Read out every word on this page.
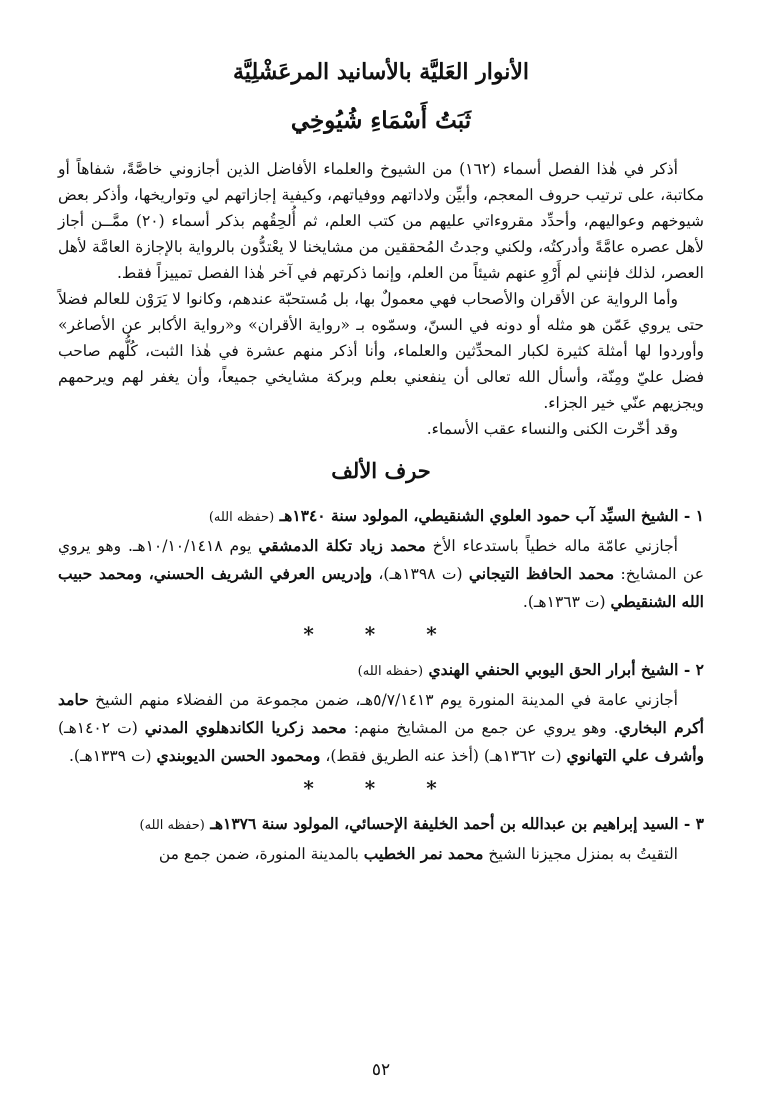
الأنوار العَليَّة بالأسانيد المرعَشْلِيَّة
ثَبَتُ أَسْمَاءِ شُيُوخِي

أذكر في هٰذا الفصل أسماء (١٦٢) من الشيوخ والعلماء الأفاضل الذين أجازوني خاصَّةً، شفاهاً أو مكاتبة، على ترتيب حروف المعجم، وأبيِّن ولاداتهم ووفياتهم، وكيفية إجازاتهم لي وتواريخها، وأذكر بعض شيوخهم وعواليهم، وأحدِّد مقروءاتي عليهم من كتب العلم، ثم أُلحِقُهم بذكر أسماء (٢٠) ممَّــن أجاز لأهل عصره عامَّةً وأدركتُه، ولكني وجدتُ المُحققين من مشايخنا لا يعْتدُّون بالرواية بالإجازة العامَّة لأهل العصر، لذلك فإنني لم أَرْوِ عنهم شيئاً من العلم، وإنما ذكرتهم في آخر هٰذا الفصل تمييزاً فقط.

وأما الرواية عن الأقران والأصحاب فهي معمولٌ بها، بل مُستحبّة عندهم، وكانوا لا يَرَوْن للعالم فضلاً حتى يروي عَمّن هو مثله أو دونه في السنّ، وسمّوه بـ «رواية الأقران» و«رواية الأكابر عن الأصاغر» وأوردوا لها أمثلة كثيرة لكبار المحدِّثين والعلماء، وأنا أذكر منهم عشرة في هٰذا الثبت، كُلُّهم صاحب فضل عليّ ومِنّة، وأسأل الله تعالى أن ينفعني بعلم وبركة مشايخي جميعاً، وأن يغفر لهم ويرحمهم ويجزيهم عنّي خير الجزاء.

وقد أخّرت الكنى والنساء عقب الأسماء.

حرف الألف
١ - الشيخ السيِّد آب حمود العلوي الشنقيطي، المولود سنة ١٣٤٠هـ (حفظه الله)

أجازني عامّة ماله خطياً باستدعاء الأخ محمد زياد تكلة الدمشقي يوم ١٠/١٠/١٤١٨هـ. وهو يروي عن المشايخ: محمد الحافظ التيجاني (ت ١٣٩٨هـ)، وإدريس العرفي الشريف الحسني، ومحمد حبيب الله الشنقيطي (ت ١٣٦٣هـ).

* * *
٢ - الشيخ أبرار الحق اليوبي الحنفي الهندي (حفظه الله)

أجازني عامة في المدينة المنورة يوم ٥/٧/١٤١٣هـ، ضمن مجموعة من الفضلاء منهم الشيخ حامد أكرم البخاري. وهو يروي عن جمع من المشايخ منهم: محمد زكريا الكاندهلوي المدني (ت ١٤٠٢هـ) وأشرف علي التهانوي (ت ١٣٦٢هـ) (أخذ عنه الطريق فقط)، ومحمود الحسن الديوبندي (ت ١٣٣٩هـ).

* * *
٣ - السيد إبراهيم بن عبدالله بن أحمد الخليفة الإحسائي، المولود سنة ١٣٧٦هـ (حفظه الله)

التقيتُ به بمنزل مجيزنا الشيخ محمد نمر الخطيب بالمدينة المنورة، ضمن جمع من

٥٢
